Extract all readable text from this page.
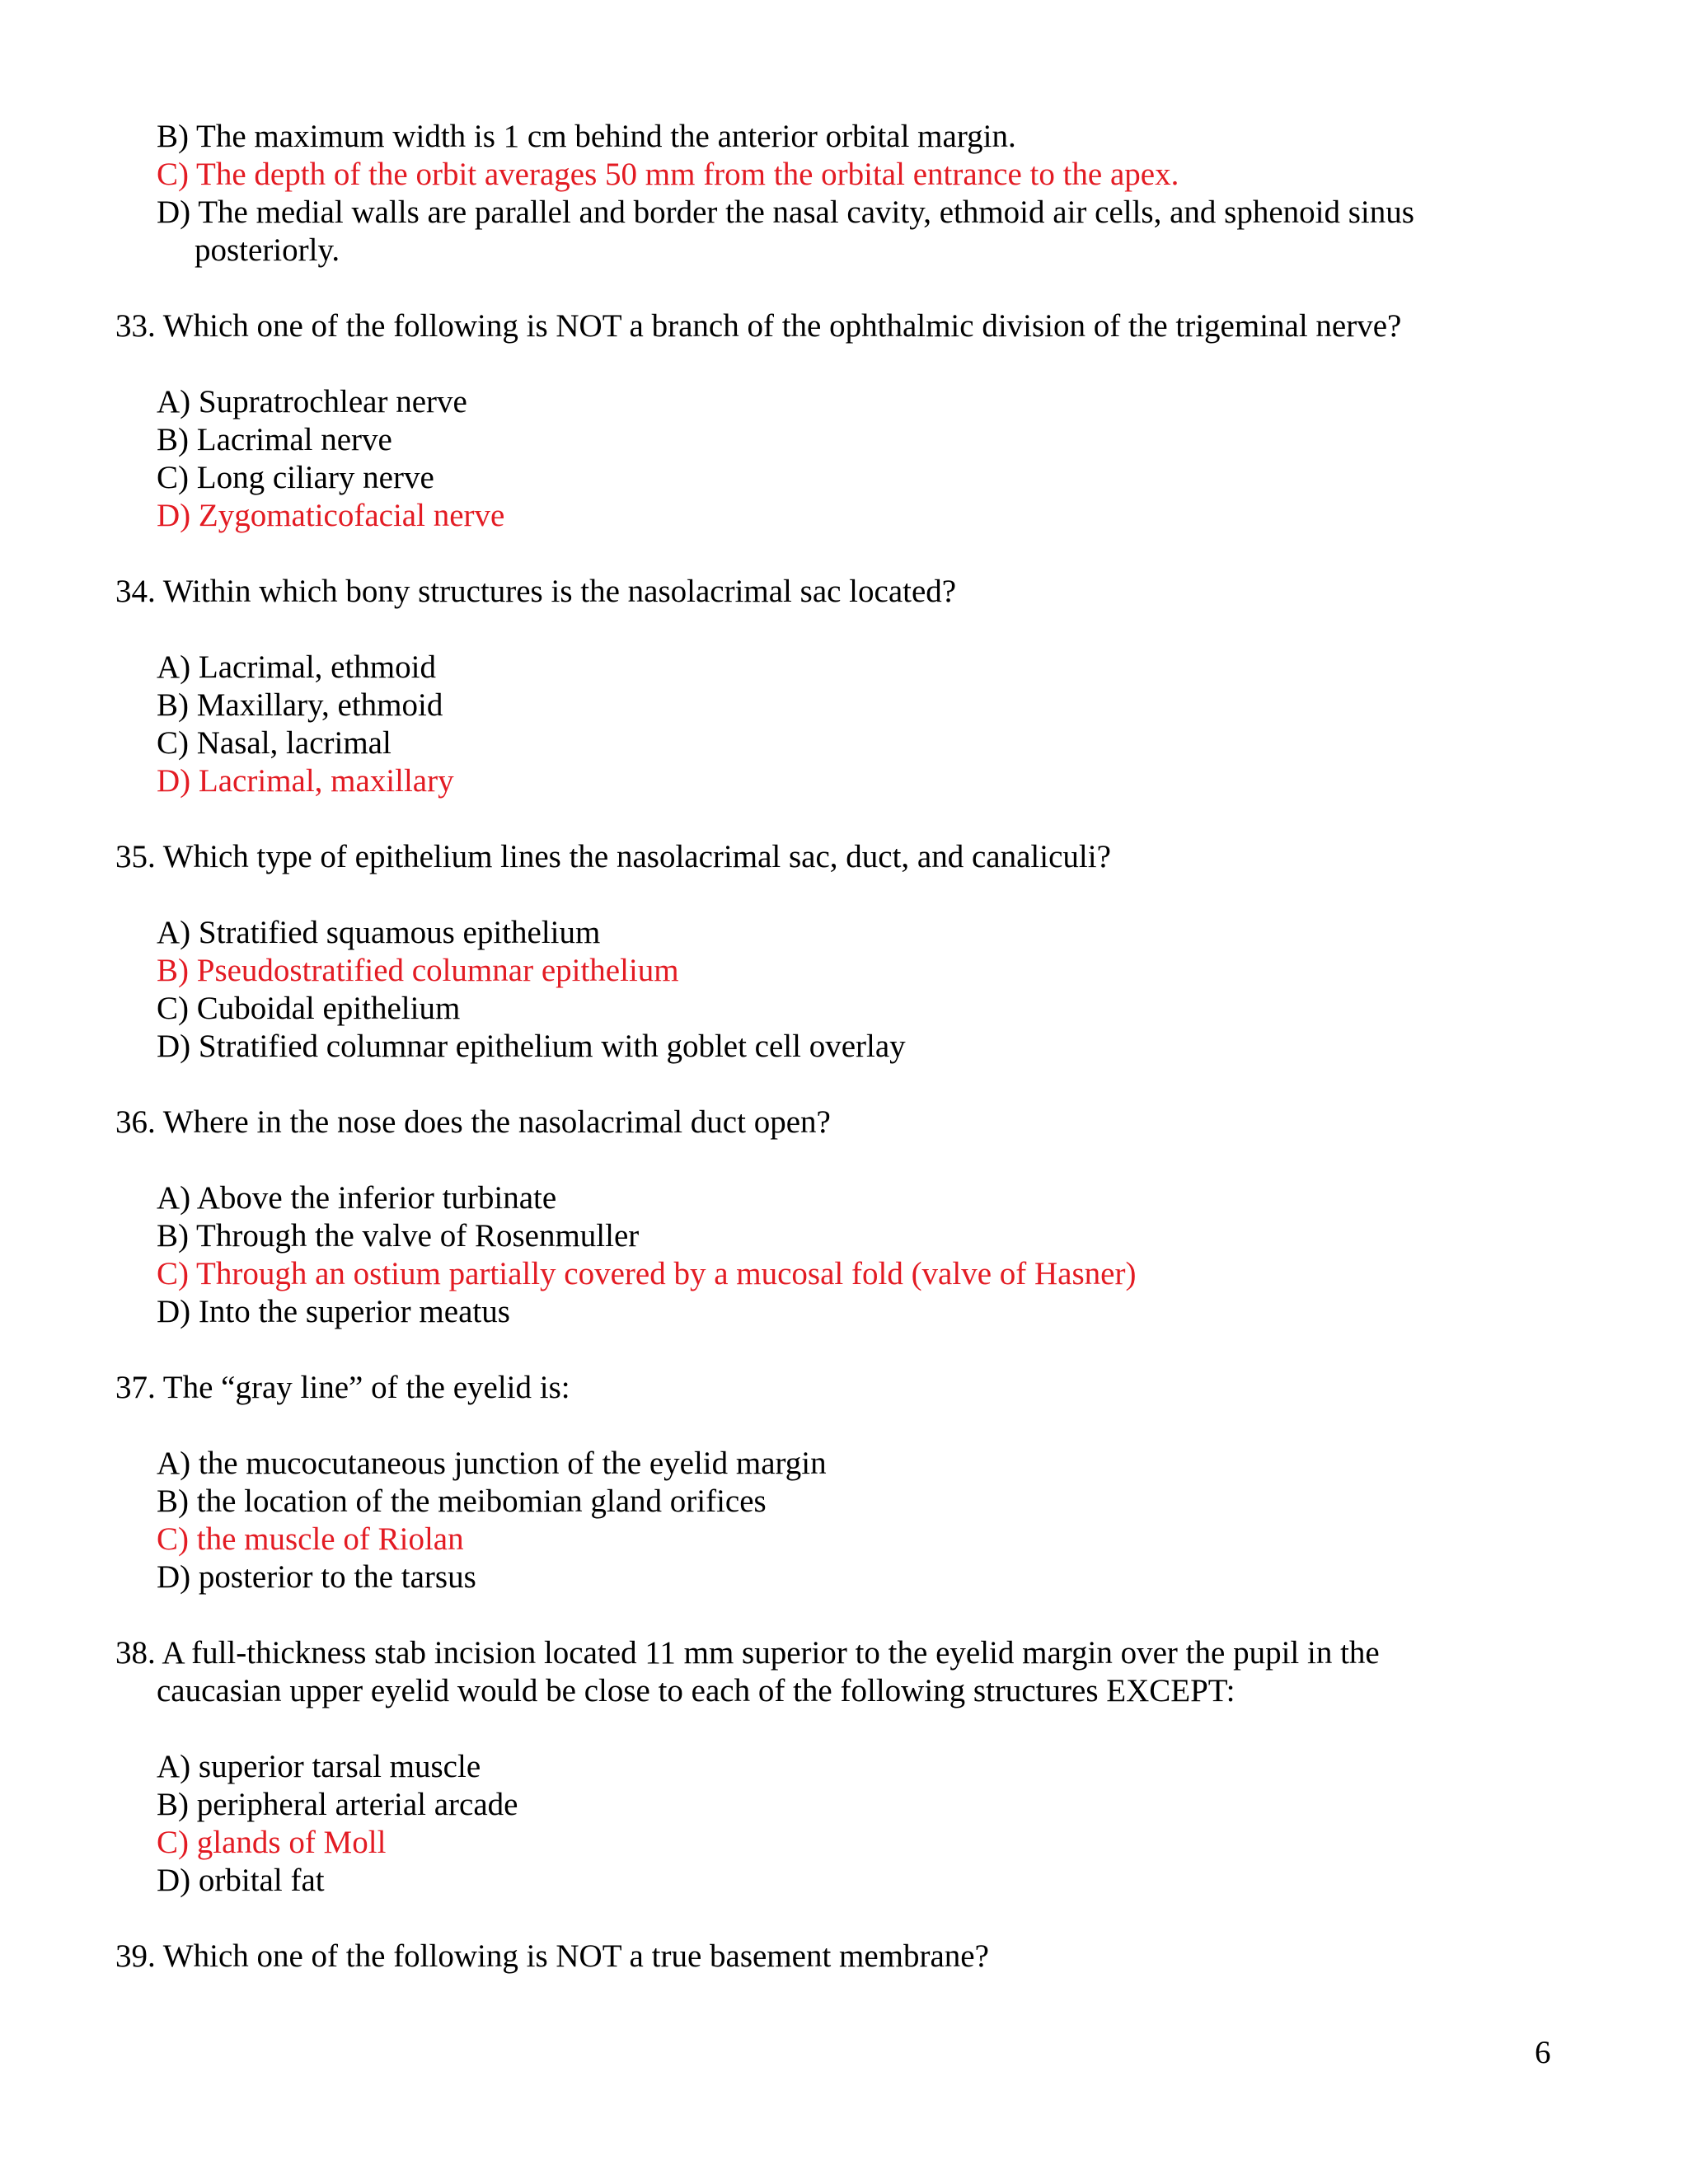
B) The maximum width is 1 cm behind the anterior orbital margin.
C) The depth of the orbit averages 50 mm from the orbital entrance to the apex.
D) The medial walls are parallel and border the nasal cavity, ethmoid air cells, and sphenoid sinus
posteriorly.
33. Which one of the following is NOT a branch of the ophthalmic division of the trigeminal nerve?
A) Supratrochlear nerve
B) Lacrimal nerve
C) Long ciliary nerve
D) Zygomaticofacial nerve
34. Within which bony structures is the nasolacrimal sac located?
A) Lacrimal, ethmoid
B) Maxillary, ethmoid
C) Nasal, lacrimal
D) Lacrimal, maxillary
35. Which type of epithelium lines the nasolacrimal sac, duct, and canaliculi?
A) Stratified squamous epithelium
B) Pseudostratified columnar epithelium
C) Cuboidal epithelium
D) Stratified columnar epithelium with goblet cell overlay
36. Where in the nose does the nasolacrimal duct open?
A) Above the inferior turbinate
B) Through the valve of Rosenmuller
C) Through an ostium partially covered by a mucosal fold (valve of Hasner)
D) Into the superior meatus
37. The “gray line” of the eyelid is:
A) the mucocutaneous junction of the eyelid margin
B) the location of the meibomian gland orifices
C) the muscle of Riolan
D) posterior to the tarsus
38. A full-thickness stab incision located 11 mm superior to the eyelid margin over the pupil in the
caucasian upper eyelid would be close to each of the following structures EXCEPT:
A) superior tarsal muscle
B) peripheral arterial arcade
C) glands of Moll
D) orbital fat
39. Which one of the following is NOT a true basement membrane?
6
